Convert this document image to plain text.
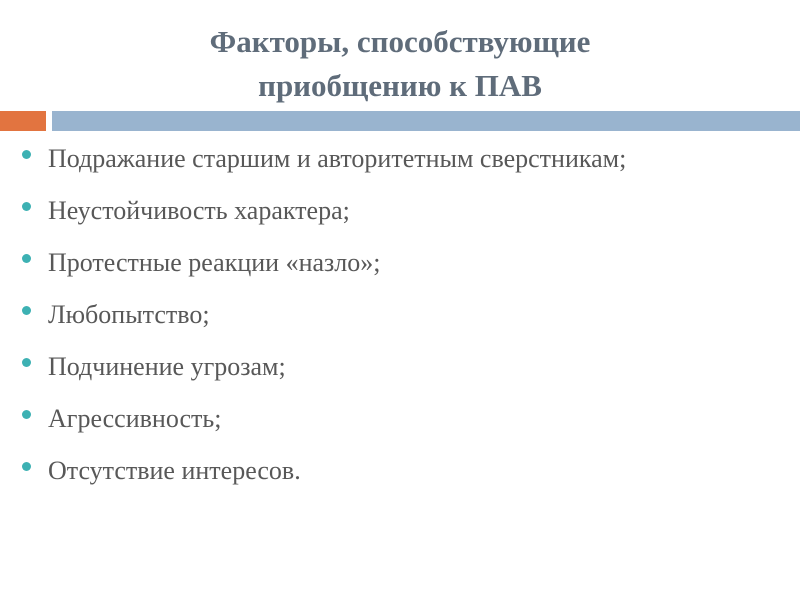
Факторы, способствующие
приобщению к ПАВ
Подражание старшим и авторитетным сверстникам;
Неустойчивость характера;
Протестные реакции «назло»;
Любопытство;
Подчинение угрозам;
Агрессивность;
Отсутствие интересов.
